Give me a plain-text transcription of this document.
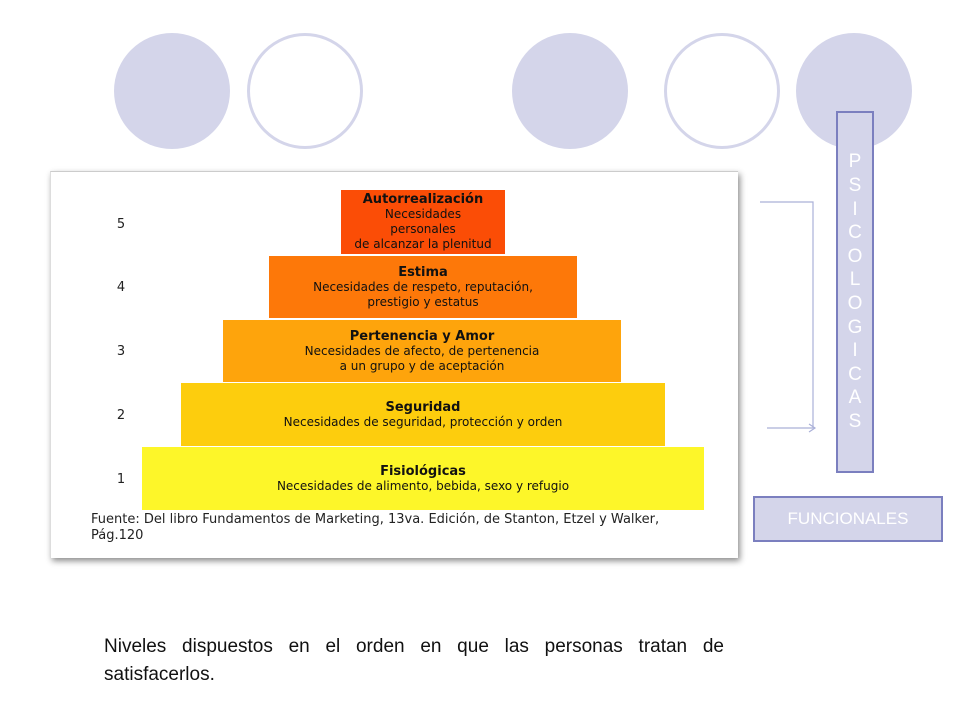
5
4
3
2
1
Autorrealización
Necesidades
personales
de alcanzar la plenitud
Estima
Necesidades de respeto, reputación,
prestigio y estatus
Pertenencia y Amor
Necesidades de afecto, de pertenencia
a un grupo y de aceptación
Seguridad
Necesidades de seguridad, protección y orden
Fisiológicas
Necesidades de alimento, bebida, sexo y refugio
Fuente: Del libro Fundamentos de Marketing, 13va. Edición, de Stanton, Etzel y Walker, Pág.120
P
S
I
C
O
L
O
G
I
C
A
S
FUNCIONALES
Niveles dispuestos en el orden en que las personas tratan de satisfacerlos.
